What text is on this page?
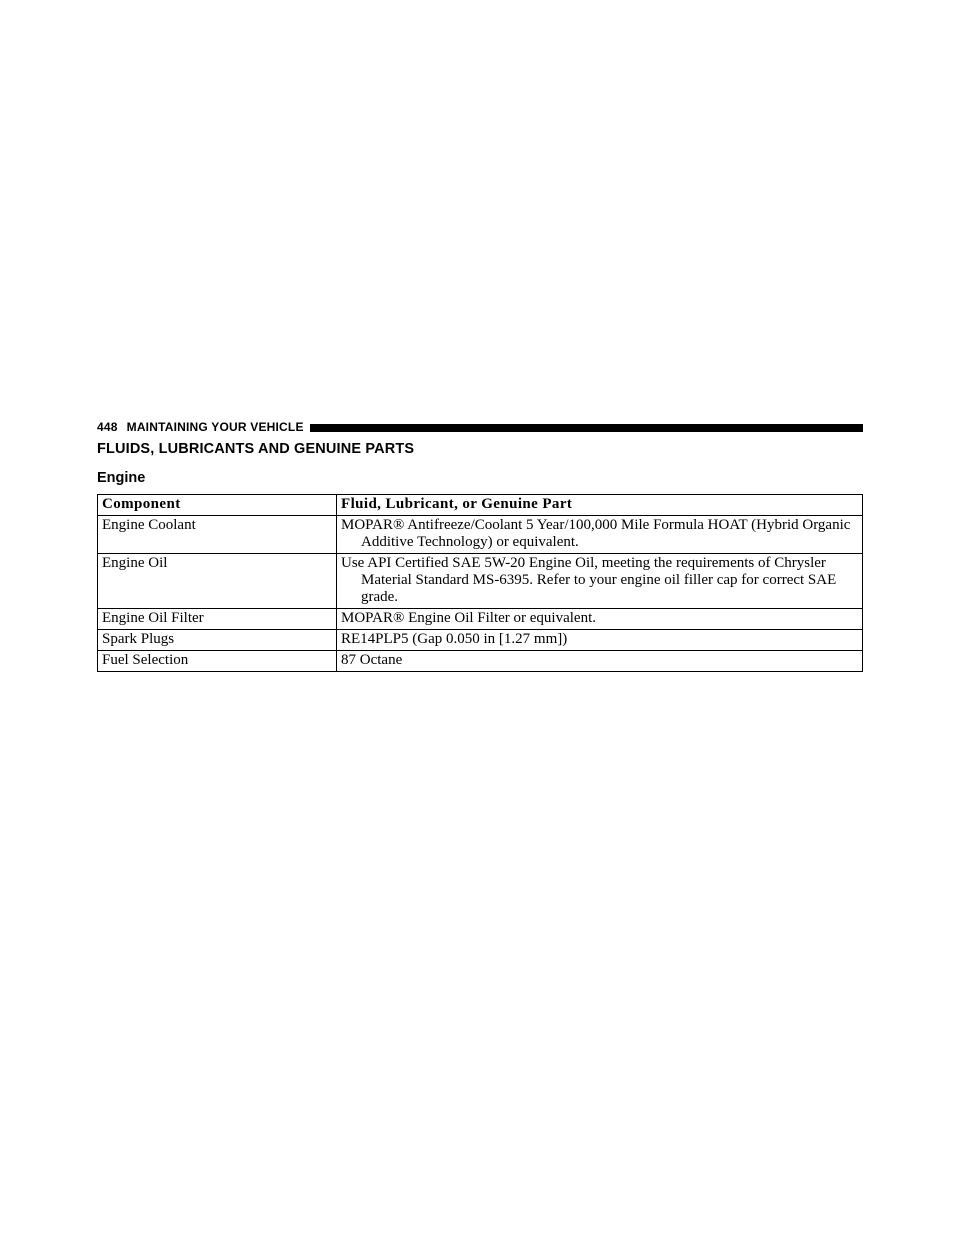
448 MAINTAINING YOUR VEHICLE
FLUIDS, LUBRICANTS AND GENUINE PARTS
Engine
Component	Fluid, Lubricant, or Genuine Part
Engine Coolant	MOPAR® Antifreeze/Coolant 5 Year/100,000 Mile Formula HOAT (Hybrid Organic Additive Technology) or equivalent.

Engine Oil	Use API Certified SAE 5W-20 Engine Oil, meeting the requirements of Chrysler Material Standard MS-6395. Refer to your engine oil filler cap for correct SAE grade.

Engine Oil Filter	MOPAR® Engine Oil Filter or equivalent.

Spark Plugs	RE14PLP5 (Gap 0.050 in [1.27 mm])

Fuel Selection	87 Octane
